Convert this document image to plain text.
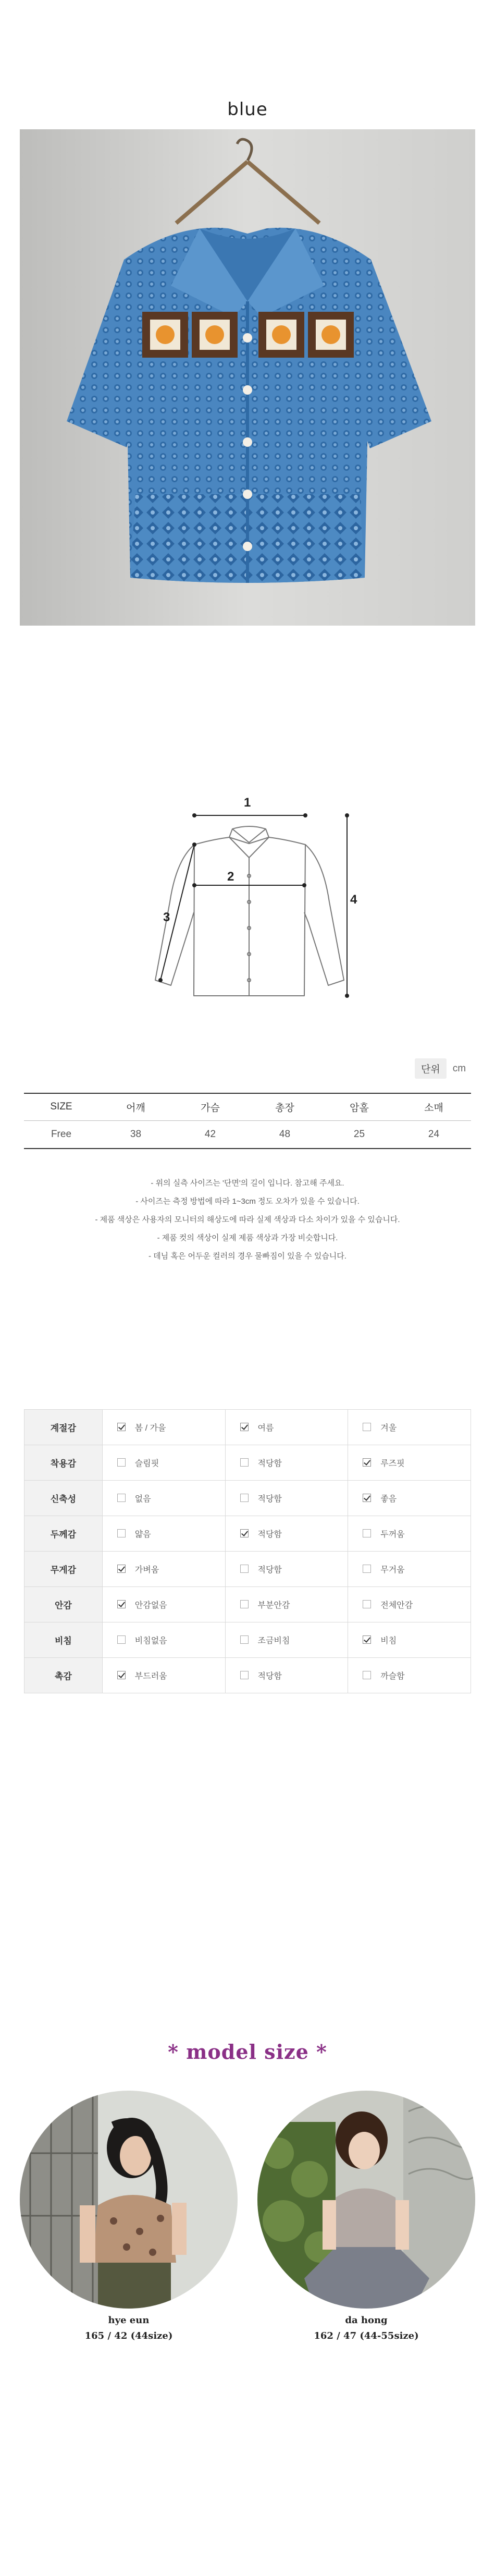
blue
1
2
3
4
단위	cm
SIZE	어깨	가슴	총장	암홀	소매
Free	38	42	48	25	24
- 위의 실측 사이즈는 '단면'의 길이 입니다. 참고해 주세요.
- 사이즈는 측정 방법에 따라 1~3cm 정도 오차가 있을 수 있습니다.
- 제품 색상은 사용자의 모니터의 해상도에 따라 실제 색상과 다소 차이가 있을 수 있습니다.
- 제품 컷의 색상이 실제 제품 색상과 가장 비슷합니다.
- 데님 혹은 어두운 컬러의 경우 물빠짐이 있을 수 있습니다.
계절감	봄 / 가을	여름	겨울
착용감	슬림핏	적당함	루즈핏
신축성	없음	적당함	좋음
두께감	얇음	적당함	두꺼움
무게감	가벼움	적당함	무거움
안감	안감없음	부분안감	전체안감
비침	비침없음	조금비침	비침
촉감	부드러움	적당함	까슬함
* model size *
hye eun
165 / 42 (44size)
da hong
162 / 47 (44-55size)
